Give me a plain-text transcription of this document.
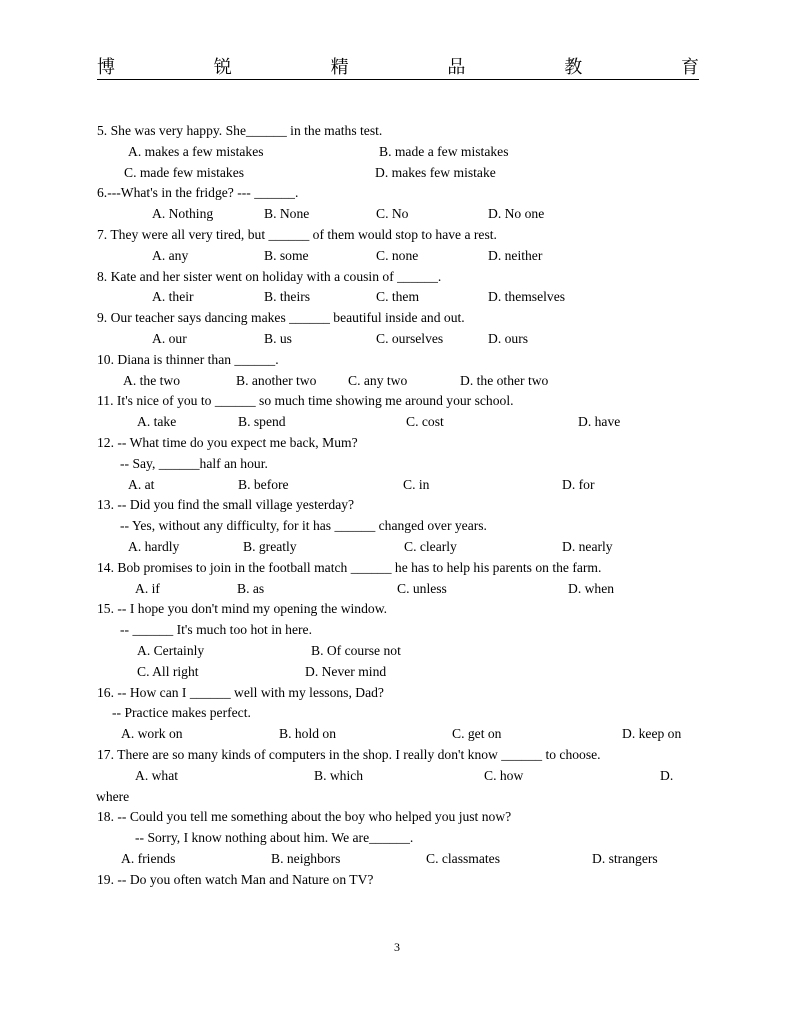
博	锐	精	品	教	育
5. She was very happy. She______ in the maths test.
A. makes a few mistakes	B. made a few mistakes
C. made few mistakes	D. makes few mistake
6.---What's in the fridge? --- ______.
A. Nothing	B. None	C. No	D. No one
7. They were all very tired, but ______ of them would stop to have a rest.
A. any	B. some	C. none	D. neither
8. Kate and her sister went on holiday with a cousin of ______.
A. their	B. theirs	C. them	D. themselves
9. Our teacher says dancing makes ______ beautiful inside and out.
A. our	B. us	C. ourselves	D. ours
10. Diana is thinner than ______.
A. the two	B. another two C. any two	D. the other two
11. It's nice of you to ______ so much time showing me around your school.
A. take	B. spend	C. cost	D. have
12. -- What time do you expect me back, Mum?
-- Say, ______half an hour.
A. at	B. before	C. in	D. for
13. -- Did you find the small village yesterday?
-- Yes, without any difficulty, for it has ______ changed over years.
A. hardly	B. greatly	C. clearly	D. nearly
14. Bob promises to join in the football match ______ he has to help his parents on the farm.
A. if	B. as	C. unless	D. when
15. -- I hope you don't mind my opening the window.
-- ______ It's much too hot in here.
A. Certainly	B. Of course not
C. All right	D. Never mind
16. -- How can I ______ well with my lessons, Dad?
-- Practice makes perfect.
A. work on	B. hold on	C. get on	D. keep on
17. There are so many kinds of computers in the shop. I really don't know ______ to choose.
A. what	B. which	C. how	D.
where
18. -- Could you tell me something about the boy who helped you just now?
-- Sorry, I know nothing about him. We are______.
A. friends	B. neighbors	C. classmates	D. strangers
19. -- Do you often watch Man and Nature on TV?
3
